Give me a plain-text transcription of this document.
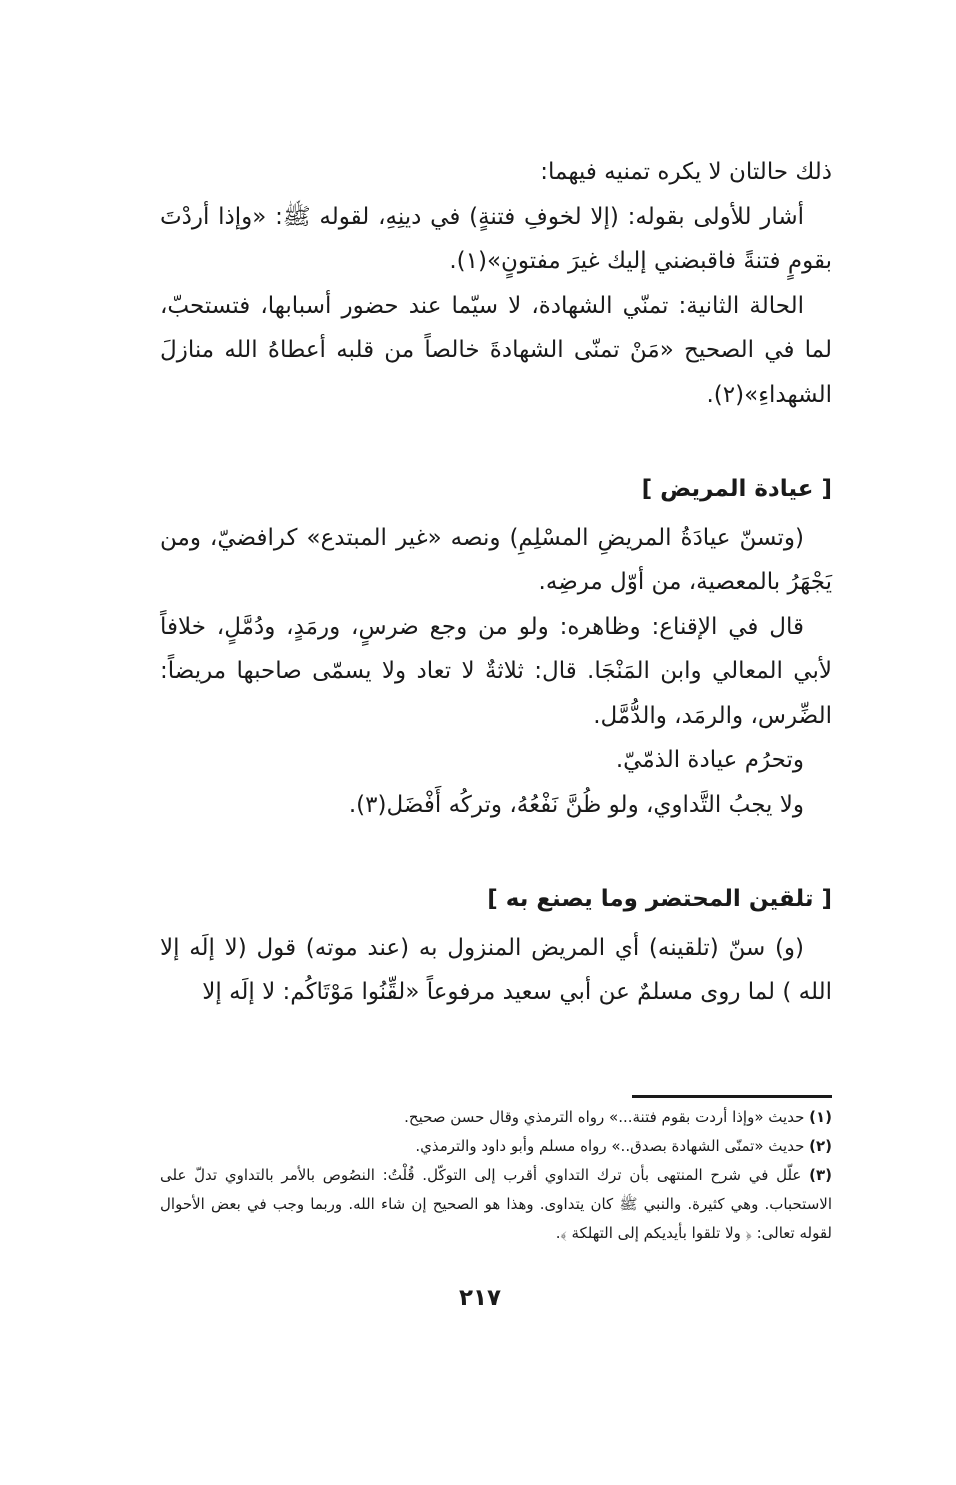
ذلك حالتان لا يكره تمنيه فيهما:

أشار للأولى بقوله: (إلا لخوفِ فتنةٍ) في دينِهِ، لقوله ﷺ: «وإذا أردْتَ بقومٍ فتنةً فاقبضني إليك غيرَ مفتونٍ»(١).

الحالة الثانية: تمنّي الشهادة، لا سيّما عند حضور أسبابها، فتستحبّ، لما في الصحيح «مَنْ تمنّى الشهادةَ خالصاً من قلبه أعطاهُ الله منازلَ الشهداءِ»(٢).

[ عيادة المريض ]

(وتسنّ عيادَةُ المريضِ المسْلِمِ) ونصه «غير المبتدع» كرافضيّ، ومن يَجْهَرُ بالمعصية، من أوّل مرضِه.

قال في الإقناع: وظاهره: ولو من وجع ضرسٍ، ورمَدٍ، ودُمَّلٍ، خلافاً لأبي المعالي وابن المَنْجَا. قال: ثلاثةٌ لا تعاد ولا يسمّى صاحبها مريضاً: الضِّرس، والرمَد، والدُّمَّل.

وتحرُم عيادة الذمّيّ.

ولا يجبُ التَّداوي، ولو ظُنَّ نَفْعُهُ، وتركُه أَفْضَل(٣).

[ تلقين المحتضر وما يصنع به ]

(و) سنّ (تلقينه) أي المريض المنزول به (عند موته) قول (لا إلَه إلا الله ) لما روى مسلمٌ عن أبي سعيد مرفوعاً «لقِّنُوا مَوْتَاكُم: لا إلَه إلا

(١) حديث «وإذا أردت بقوم فتنة...» رواه الترمذي وقال حسن صحيح.

(٢) حديث «تمنّى الشهادة بصدق..» رواه مسلم وأبو داود والترمذي.

(٣) علّل في شرح المنتهى بأن ترك التداوي أقرب إلى التوكّل. قُلْتُ: النصُوص بالأمر بالتداوي تدلّ على الاستحباب. وهي كثيرة. والنبي ﷺ كان يتداوى. وهذا هو الصحيح إن شاء الله. وربما وجب في بعض الأحوال لقوله تعالى: ﴿ ولا تلقوا بأيديكم إلى التهلكة ﴾.

٢١٧
